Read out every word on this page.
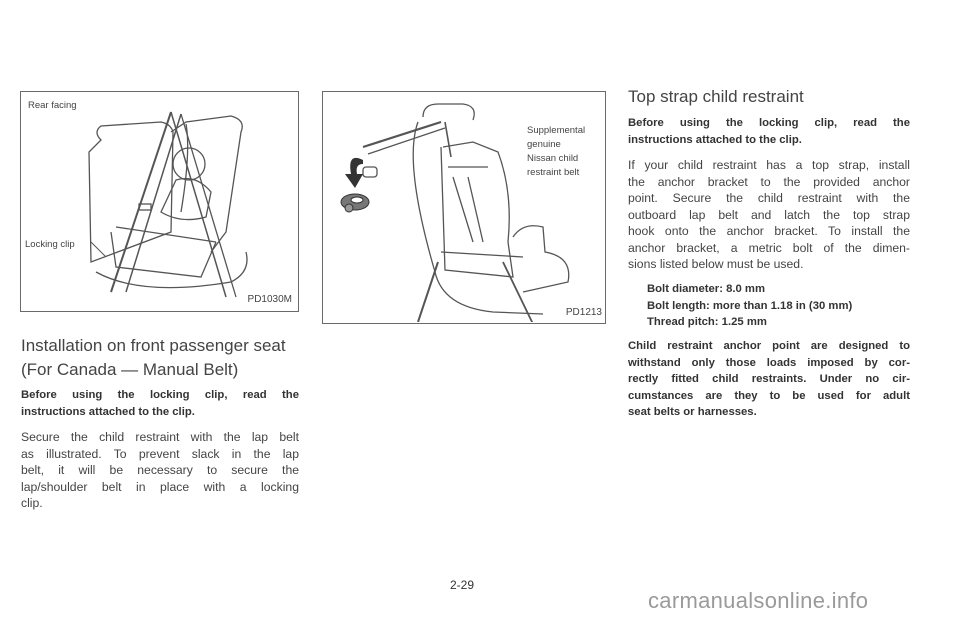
Rear facing
Locking clip
PD1030M
Supplemental
genuine
Nissan child
restraint belt
PD1213
Installation on front passenger seat
(For Canada — Manual Belt)
Before using the locking clip, read the
instructions attached to the clip.
Secure the child restraint with the lap belt
as illustrated. To prevent slack in the lap
belt, it will be necessary to secure the
lap/shoulder belt in place with a locking
clip.
Top strap child restraint
Before using the locking clip, read the
instructions attached to the clip.
If your child restraint has a top strap, install
the anchor bracket to the provided anchor
point. Secure the child restraint with the
outboard lap belt and latch the top strap
hook onto the anchor bracket. To install the
anchor bracket, a metric bolt of the dimen-
sions listed below must be used.
Bolt diameter: 8.0 mm
Bolt length: more than 1.18 in (30 mm)
Thread pitch: 1.25 mm
Child restraint anchor point are designed to
withstand only those loads imposed by cor-
rectly fitted child restraints. Under no cir-
cumstances are they to be used for adult
seat belts or harnesses.
2-29
carmanualsonline.info
